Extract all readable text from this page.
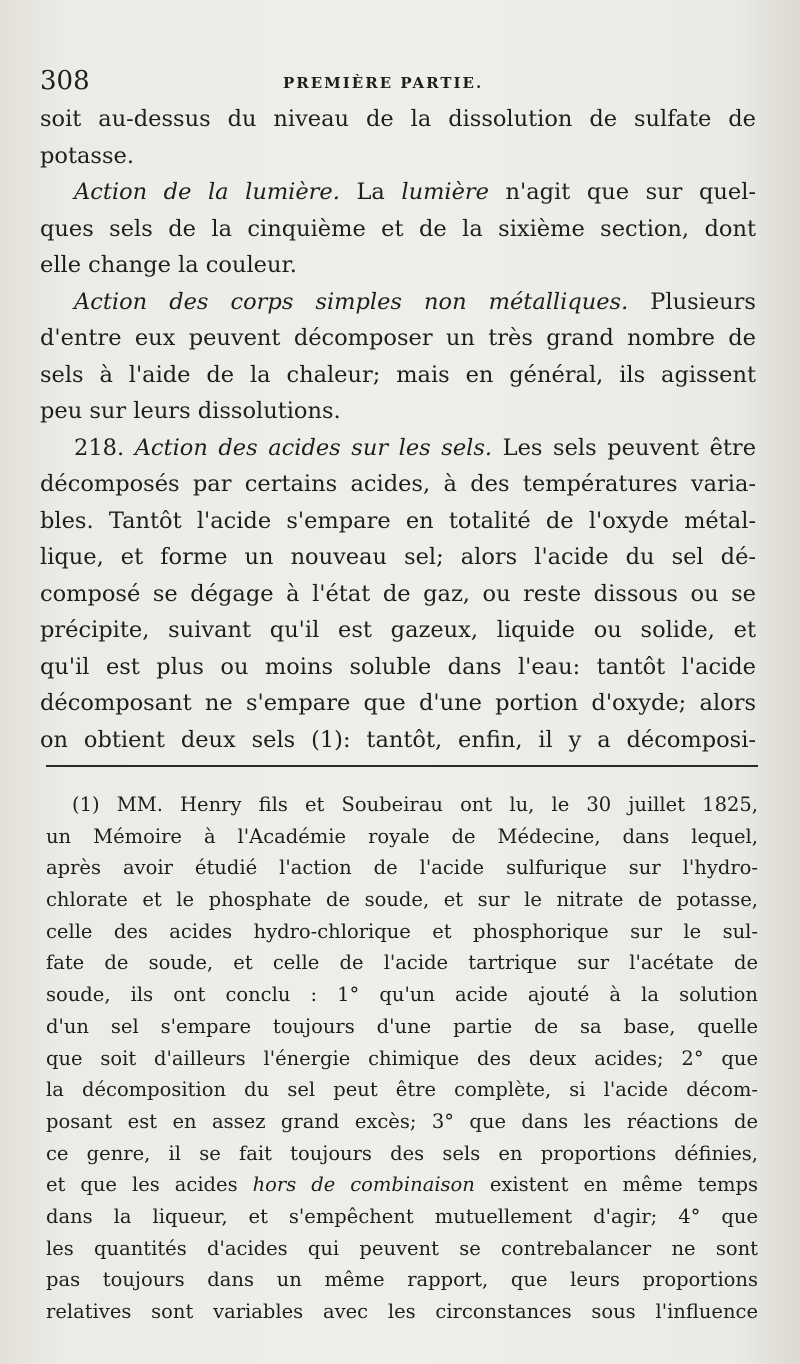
308	PREMIÈRE PARTIE.
soit au-dessus du niveau de la dissolution de sulfate de
potasse.
Action de la lumière. La lumière n'agit que sur quel-
ques sels de la cinquième et de la sixième section, dont
elle change la couleur.
Action des corps simples non métalliques. Plusieurs
d'entre eux peuvent décomposer un très grand nombre de
sels à l'aide de la chaleur; mais en général, ils agissent
peu sur leurs dissolutions.
218. Action des acides sur les sels. Les sels peuvent être
décomposés par certains acides, à des températures varia-
bles. Tantôt l'acide s'empare en totalité de l'oxyde métal-
lique, et forme un nouveau sel; alors l'acide du sel dé-
composé se dégage à l'état de gaz, ou reste dissous ou se
précipite, suivant qu'il est gazeux, liquide ou solide, et
qu'il est plus ou moins soluble dans l'eau: tantôt l'acide
décomposant ne s'empare que d'une portion d'oxyde; alors
on obtient deux sels (1): tantôt, enfin, il y a décomposi-
(1) MM. Henry fils et Soubeirau ont lu, le 30 juillet 1825,
un Mémoire à l'Académie royale de Médecine, dans lequel,
après avoir étudié l'action de l'acide sulfurique sur l'hydro-
chlorate et le phosphate de soude, et sur le nitrate de potasse,
celle des acides hydro-chlorique et phosphorique sur le sul-
fate de soude, et celle de l'acide tartrique sur l'acétate de
soude, ils ont conclu : 1° qu'un acide ajouté à la solution
d'un sel s'empare toujours d'une partie de sa base, quelle
que soit d'ailleurs l'énergie chimique des deux acides; 2° que
la décomposition du sel peut être complète, si l'acide décom-
posant est en assez grand excès; 3° que dans les réactions de
ce genre, il se fait toujours des sels en proportions définies,
et que les acides hors de combinaison existent en même temps
dans la liqueur, et s'empêchent mutuellement d'agir; 4° que
les quantités d'acides qui peuvent se contrebalancer ne sont
pas toujours dans un même rapport, que leurs proportions
relatives sont variables avec les circonstances sous l'influence
